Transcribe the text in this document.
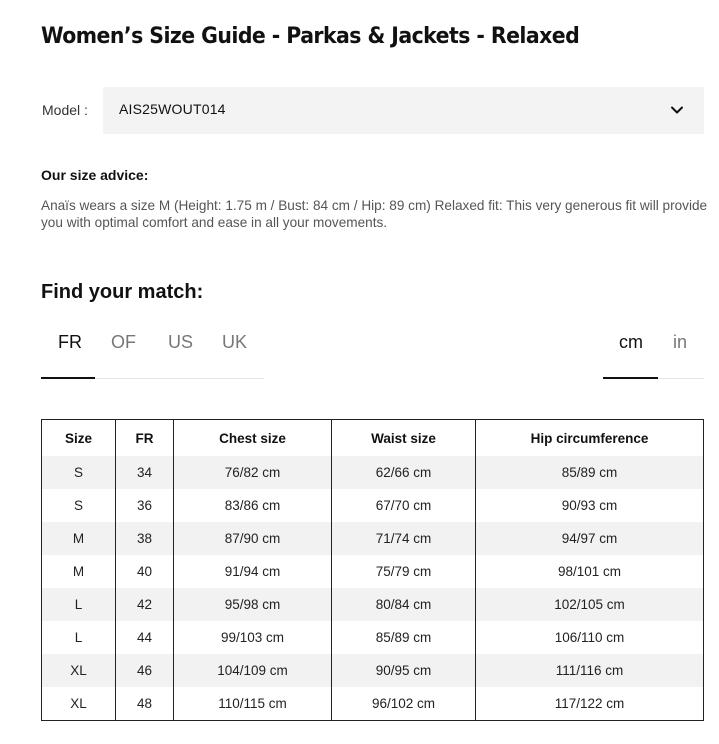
Women’s Size Guide - Parkas & Jackets - Relaxed
Model : AIS25WOUT014
Our size advice:
Anaïs wears a size M (Height: 1.75 m / Bust: 84 cm / Hip: 89 cm) Relaxed fit: This very generous fit will provide you with optimal comfort and ease in all your movements.
Find your match:
FR OF US UK	cm in
Size	FR	Chest size	Waist size	Hip circumference
S	34	76/82 cm	62/66 cm	85/89 cm
S	36	83/86 cm	67/70 cm	90/93 cm
M	38	87/90 cm	71/74 cm	94/97 cm
M	40	91/94 cm	75/79 cm	98/101 cm
L	42	95/98 cm	80/84 cm	102/105 cm
L	44	99/103 cm	85/89 cm	106/110 cm
XL	46	104/109 cm	90/95 cm	111/116 cm
XL	48	110/115 cm	96/102 cm	117/122 cm
